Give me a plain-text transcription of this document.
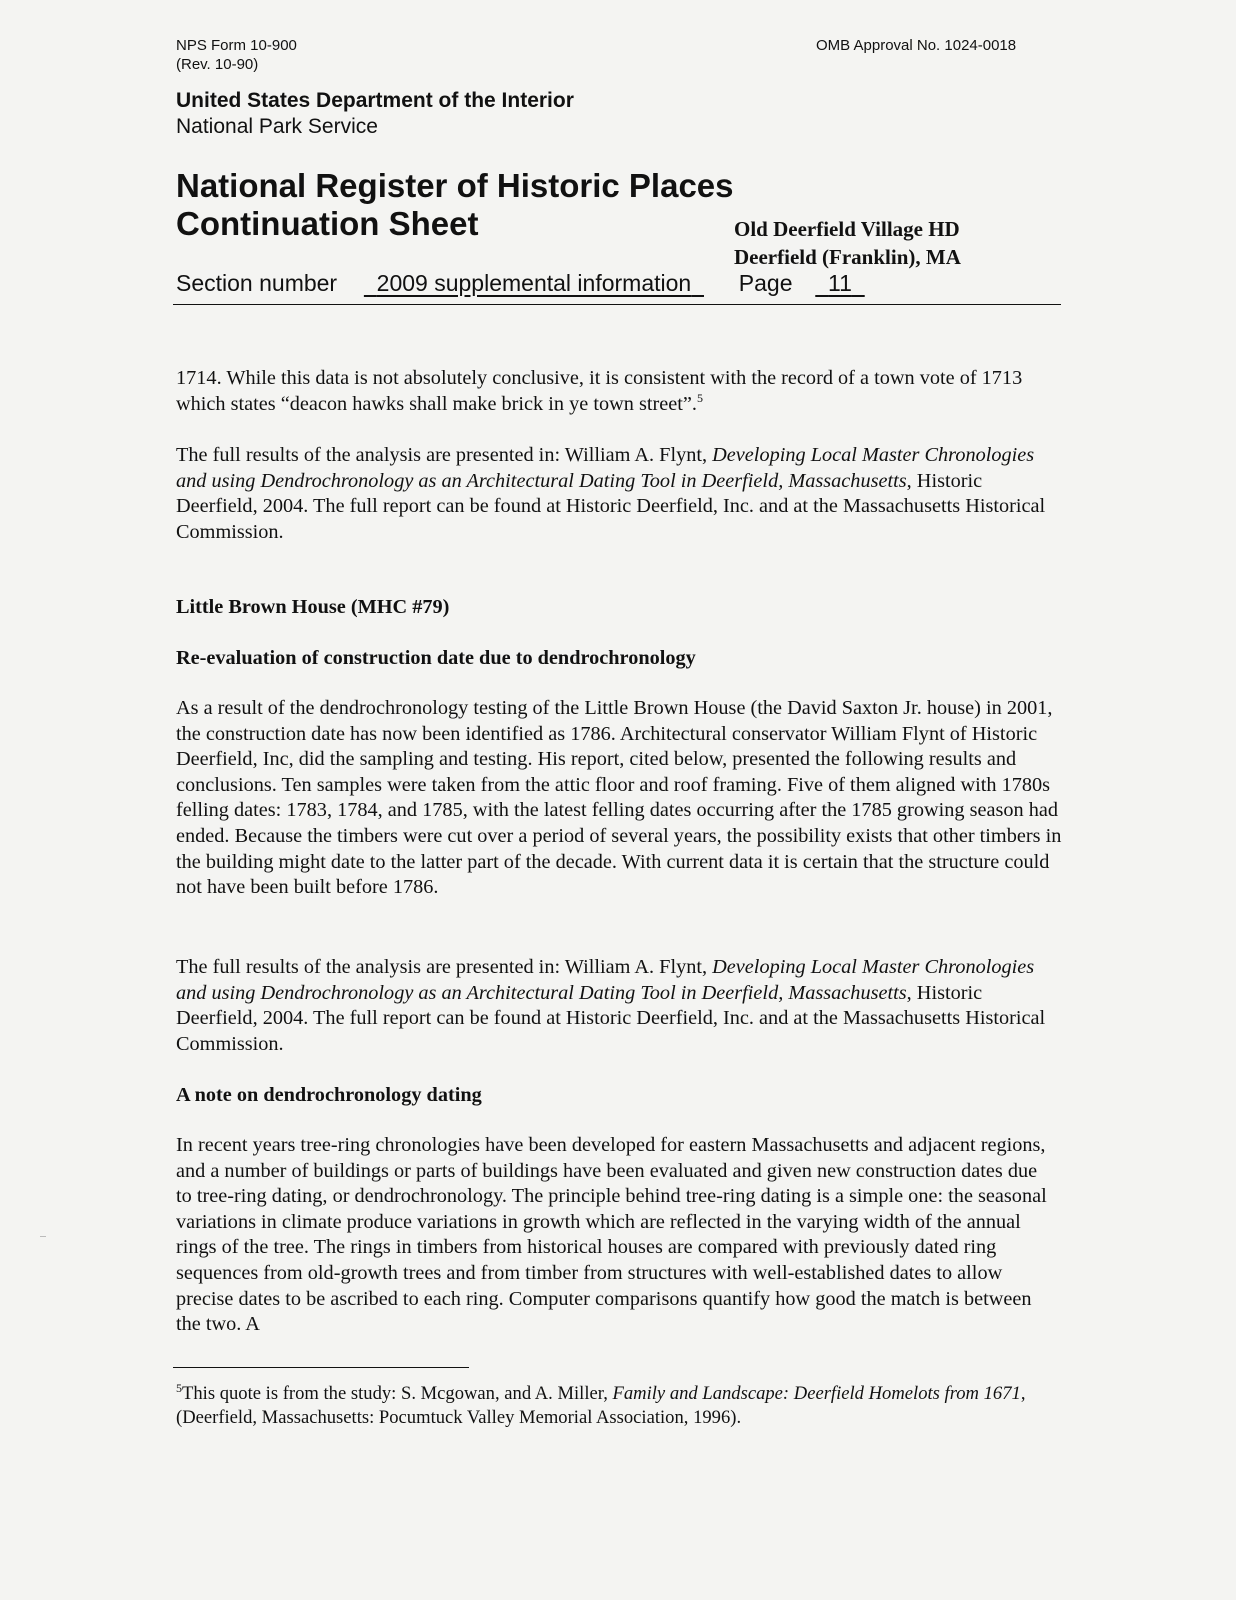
NPS Form 10-900
(Rev. 10-90)
OMB Approval No. 1024-0018
United States Department of the Interior
National Park Service
National Register of Historic Places
Continuation Sheet	Old Deerfield Village HD
Deerfield (Franklin), MA
Section number 2009 supplemental information Page 11

1714. While this data is not absolutely conclusive, it is consistent with the record of a town vote of 1713 which states “deacon hawks shall make brick in ye town street”.$^5$

The full results of the analysis are presented in: William A. Flynt, Developing Local Master Chronologies and using Dendrochronology as an Architectural Dating Tool in Deerfield, Massachusetts, Historic Deerfield, 2004. The full report can be found at Historic Deerfield, Inc. and at the Massachusetts Historical Commission.

Little Brown House (MHC #79)
Re-evaluation of construction date due to dendrochronology

As a result of the dendrochronology testing of the Little Brown House (the David Saxton Jr. house) in 2001, the construction date has now been identified as 1786. Architectural conservator William Flynt of Historic Deerfield, Inc, did the sampling and testing. His report, cited below, presented the following results and conclusions. Ten samples were taken from the attic floor and roof framing. Five of them aligned with 1780s felling dates: 1783, 1784, and 1785, with the latest felling dates occurring after the 1785 growing season had ended. Because the timbers were cut over a period of several years, the possibility exists that other timbers in the building might date to the latter part of the decade. With current data it is certain that the structure could not have been built before 1786.

The full results of the analysis are presented in: William A. Flynt, Developing Local Master Chronologies and using Dendrochronology as an Architectural Dating Tool in Deerfield, Massachusetts, Historic Deerfield, 2004. The full report can be found at Historic Deerfield, Inc. and at the Massachusetts Historical Commission.

A note on dendrochronology dating

In recent years tree-ring chronologies have been developed for eastern Massachusetts and adjacent regions, and a number of buildings or parts of buildings have been evaluated and given new construction dates due to tree-ring dating, or dendrochronology. The principle behind tree-ring dating is a simple one: the seasonal variations in climate produce variations in growth which are reflected in the varying width of the annual rings of the tree. The rings in timbers from historical houses are compared with previously dated ring sequences from old-growth trees and from timber from structures with well-established dates to allow precise dates to be ascribed to each ring. Computer comparisons quantify how good the match is between the two. A

$^5$This quote is from the study: S. Mcgowan, and A. Miller, Family and Landscape: Deerfield Homelots from 1671, (Deerfield, Massachusetts: Pocumtuck Valley Memorial Association, 1996).
